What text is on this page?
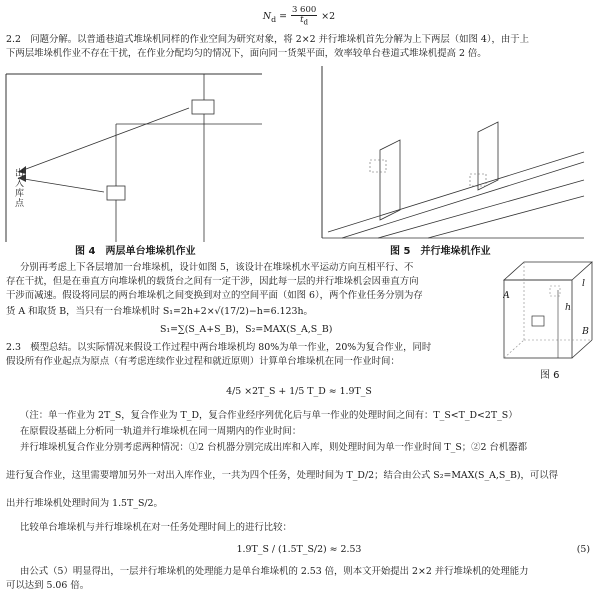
$N_d = \frac{3 600}{t_d} \times 2$
2.2　问题分解。以普通巷道式堆垛机同样的作业空间为研究对象，将 2×2 并行堆垛机首先分解为上下两层（如图 4），由于上
下两层堆垛机作业不存在干扰，在作业分配均匀的情况下，面向同一货架平面，效率较单台巷道式堆垛机提高 2 倍。
出入库点
图 4　两层单台堆垛机作业	图 5　并行堆垛机作业
分别再考虑上下各层增加一台堆垛机，设计如图 5，该设计在堆垛机水平运动方向互相平行、不
存在干扰，但是在垂直方向堆垛机的载货台之间有一定干涉，因此每一层的并行堆垛机会因垂直方向
干涉而减速。假设将同层的两台堆垛机之间变换到对立的空间平面（如图 6），两个作业任务分别为存
货 A 和取货 B，当只有一台堆垛机时 S₁=2h+2×√(17/2)−h=6.123h。
S₁=∑(S_A+S_B)，S₂=MAX(S_A,S_B)
A
l
h
B
图 6
2.3　模型总结。以实际情况来假设工作过程中两台堆垛机均 80%为单一作业，20%为复合作业，同时
假设所有作业起点为原点（有考虑连续作业过程和就近原则）计算单台堆垛机在同一作业时间：
4/5 ×2T_S + 1/5 T_D ≈ 1.9T_S
（注：单一作业为 2T_S，复合作业为 T_D，复合作业经序列优化后与单一作业的处理时间之间有：T_S<T_D<2T_S）
在原假设基础上分析同一轨道并行堆垛机在同一周期内的作业时间：
并行堆垛机复合作业分别考虑两种情况：①2 台机器分别完成出库和入库，则处理时间为单一作业时间 T_S；②2 台机器都
进行复合作业，这里需要增加另外一对出入库作业，一共为四个任务，处理时间为 T_D/2；结合由公式 S₂=MAX(S_A,S_B)，可以得
出并行堆垛机处理时间为 1.5T_S/2。
比较单台堆垛机与并行堆垛机在对一任务处理时间上的进行比较：
1.9T_S / (1.5T_S/2) ≈ 2.53	(5)
由公式（5）明显得出，一层并行堆垛机的处理能力是单台堆垛机的 2.53 倍，则本文开始提出 2×2 并行堆垛机的处理能力
可以达到 5.06 倍。
